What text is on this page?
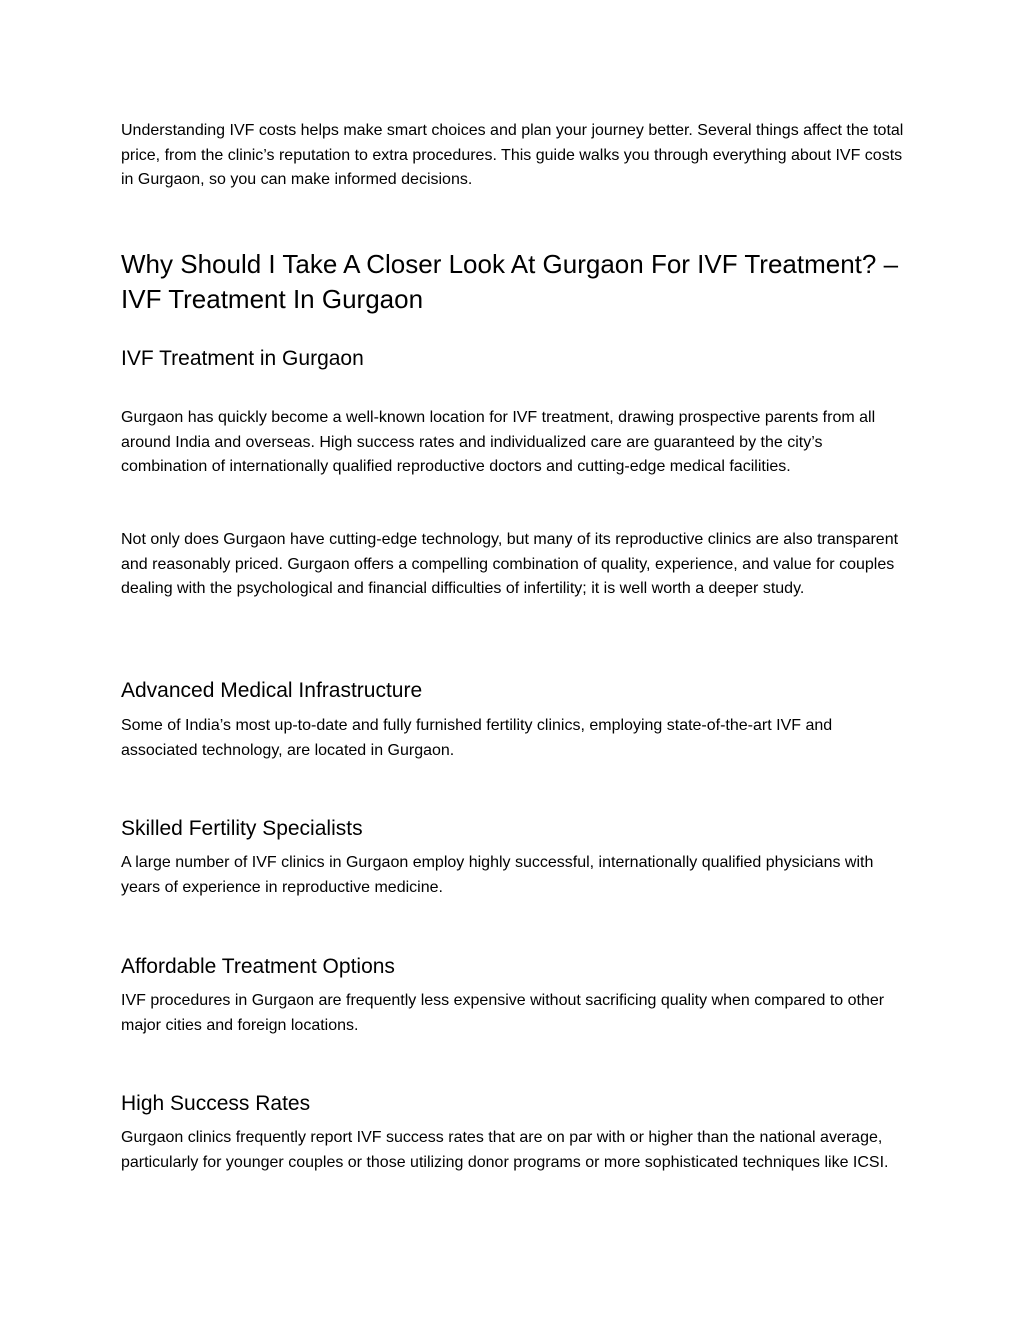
Understanding IVF costs helps make smart choices and plan your journey better. Several things affect the total price, from the clinic’s reputation to extra procedures. This guide walks you through everything about IVF costs in Gurgaon, so you can make informed decisions.

Why Should I Take A Closer Look At Gurgaon For IVF Treatment? – IVF Treatment In Gurgaon
IVF Treatment in Gurgaon

Gurgaon has quickly become a well-known location for IVF treatment, drawing prospective parents from all around India and overseas. High success rates and individualized care are guaranteed by the city’s combination of internationally qualified reproductive doctors and cutting-edge medical facilities.

Not only does Gurgaon have cutting-edge technology, but many of its reproductive clinics are also transparent and reasonably priced. Gurgaon offers a compelling combination of quality, experience, and value for couples dealing with the psychological and financial difficulties of infertility; it is well worth a deeper study.

Advanced Medical Infrastructure

Some of India’s most up-to-date and fully furnished fertility clinics, employing state-of-the-art IVF and associated technology, are located in Gurgaon.

Skilled Fertility Specialists

A large number of IVF clinics in Gurgaon employ highly successful, internationally qualified physicians with years of experience in reproductive medicine.

Affordable Treatment Options

IVF procedures in Gurgaon are frequently less expensive without sacrificing quality when compared to other major cities and foreign locations.

High Success Rates

Gurgaon clinics frequently report IVF success rates that are on par with or higher than the national average, particularly for younger couples or those utilizing donor programs or more sophisticated techniques like ICSI.
